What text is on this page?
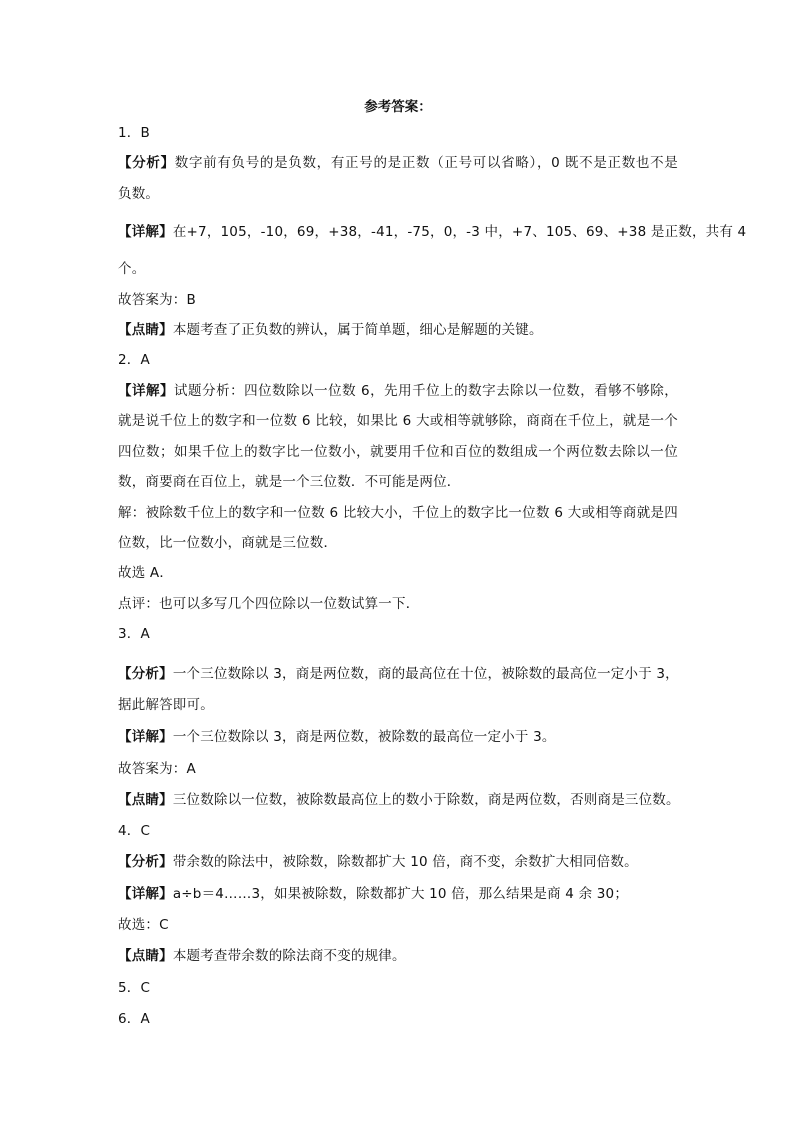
参考答案：
1．B
【分析】数字前有负号的是负数，有正号的是正数（正号可以省略），0 既不是正数也不是
负数。
【详解】在+7，105，-10，69，+38，-41，-75，0，-3 中，+7、105、69、+38 是正数，共有 4
个。
故答案为：B
【点睛】本题考查了正负数的辨认，属于简单题，细心是解题的关键。
2．A
【详解】试题分析：四位数除以一位数 6，先用千位上的数字去除以一位数，看够不够除，
就是说千位上的数字和一位数 6 比较，如果比 6 大或相等就够除，商商在千位上，就是一个
四位数；如果千位上的数字比一位数小，就要用千位和百位的数组成一个两位数去除以一位
数，商要商在百位上，就是一个三位数．不可能是两位．
解：被除数千位上的数字和一位数 6 比较大小，千位上的数字比一位数 6 大或相等商就是四
位数，比一位数小，商就是三位数．
故选 A．
点评：也可以多写几个四位除以一位数试算一下．
3．A
【分析】一个三位数除以 3，商是两位数，商的最高位在十位，被除数的最高位一定小于 3，
据此解答即可。
【详解】一个三位数除以 3，商是两位数，被除数的最高位一定小于 3。
故答案为：A
【点睛】三位数除以一位数，被除数最高位上的数小于除数，商是两位数，否则商是三位数。
4．C
【分析】带余数的除法中，被除数，除数都扩大 10 倍，商不变，余数扩大相同倍数。
【详解】a÷b＝4……3，如果被除数，除数都扩大 10 倍，那么结果是商 4 余 30；
故选：C
【点睛】本题考查带余数的除法商不变的规律。
5．C
6．A
